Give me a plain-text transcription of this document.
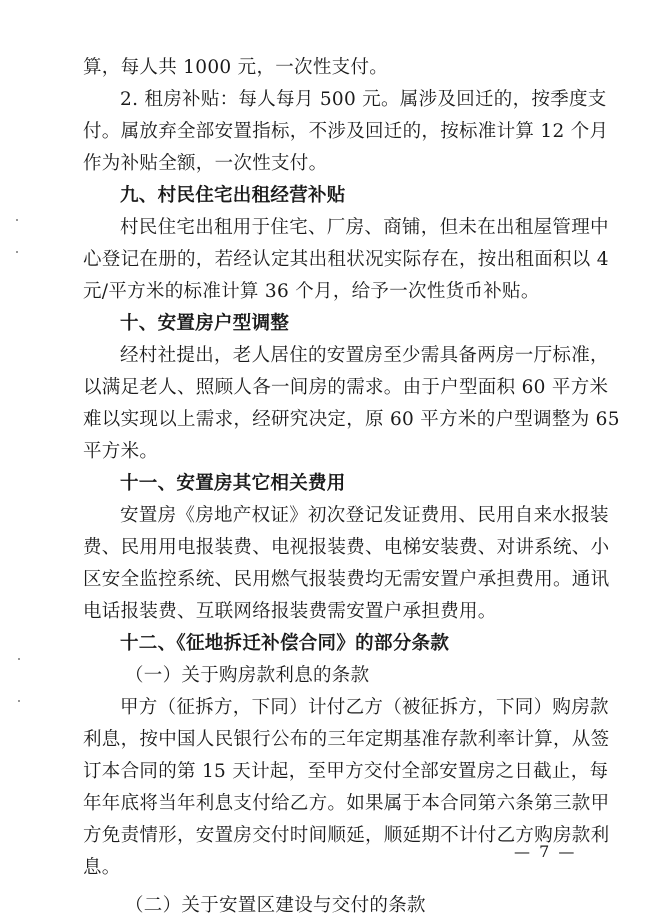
算，每人共 1000 元，一次性支付。
2. 租房补贴：每人每月 500 元。属涉及回迁的，按季度支
付。属放弃全部安置指标，不涉及回迁的，按标准计算 12 个月
作为补贴全额，一次性支付。
九、村民住宅出租经营补贴
村民住宅出租用于住宅、厂房、商铺，但未在出租屋管理中
心登记在册的，若经认定其出租状况实际存在，按出租面积以 4
元/平方米的标准计算 36 个月，给予一次性货币补贴。
十、安置房户型调整
经村社提出，老人居住的安置房至少需具备两房一厅标准，
以满足老人、照顾人各一间房的需求。由于户型面积 60 平方米
难以实现以上需求，经研究决定，原 60 平方米的户型调整为 65
平方米。
十一、安置房其它相关费用
安置房《房地产权证》初次登记发证费用、民用自来水报装
费、民用用电报装费、电视报装费、电梯安装费、对讲系统、小
区安全监控系统、民用燃气报装费均无需安置户承担费用。通讯
电话报装费、互联网络报装费需安置户承担费用。
十二、《征地拆迁补偿合同》的部分条款
（一）关于购房款利息的条款
甲方（征拆方，下同）计付乙方（被征拆方，下同）购房款
利息，按中国人民银行公布的三年定期基准存款利率计算，从签
订本合同的第 15 天计起，至甲方交付全部安置房之日截止，每
年年底将当年利息支付给乙方。如果属于本合同第六条第三款甲
方免责情形，安置房交付时间顺延，顺延期不计付乙方购房款利
息。
（二）关于安置区建设与交付的条款
— 7 —
